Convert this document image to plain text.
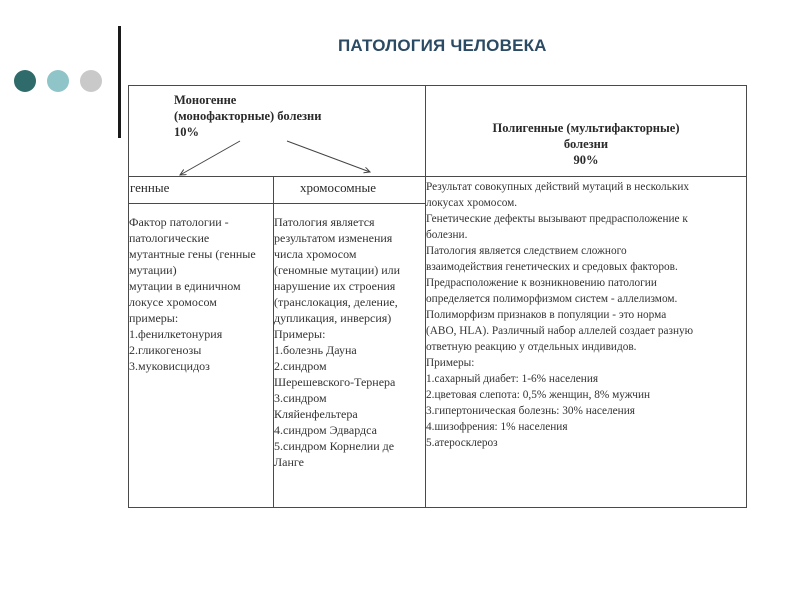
ПАТОЛОГИЯ ЧЕЛОВЕКА
Моногенне
(монофакторные) болезни
10%	Полигенные (мультифакторные)
болезни
90%
генные	хромосомные
Фактор патологии -
патологические
мутантные гены (генные
мутации)
мутации в единичном
локусе хромосом
примеры:
1.фенилкетонурия
2.гликогенозы
3.муковисцидоз
Патология является
результатом изменения
числа хромосом
(геномные мутации) или
нарушение их строения
(транслокация, деление,
дупликация, инверсия)
Примеры:
1.болезнь Дауна
2.синдром
Шерешевского-Тернера
3.синдром
Кляйенфельтера
4.синдром Эдвардса
5.синдром Корнелии де
Ланге
Результат совокупных действий мутаций в нескольких
локусах хромосом.
Генетические дефекты вызывают предрасположение к
болезни.
Патология является следствием сложного
взаимодействия генетических и средовых факторов.
Предрасположение к возникновению патологии
определяется полиморфизмом систем - аллелизмом.
Полиморфизм признаков в популяции - это норма
(АВО, HLA). Различный набор аллелей создает разную
ответную реакцию у отдельных индивидов.
Примеры:
1.сахарный диабет: 1-6% населения
2.цветовая слепота: 0,5% женщин, 8% мужчин
3.гипертоническая болезнь: 30% населения
4.шизофрения: 1% населения
5.атеросклероз
